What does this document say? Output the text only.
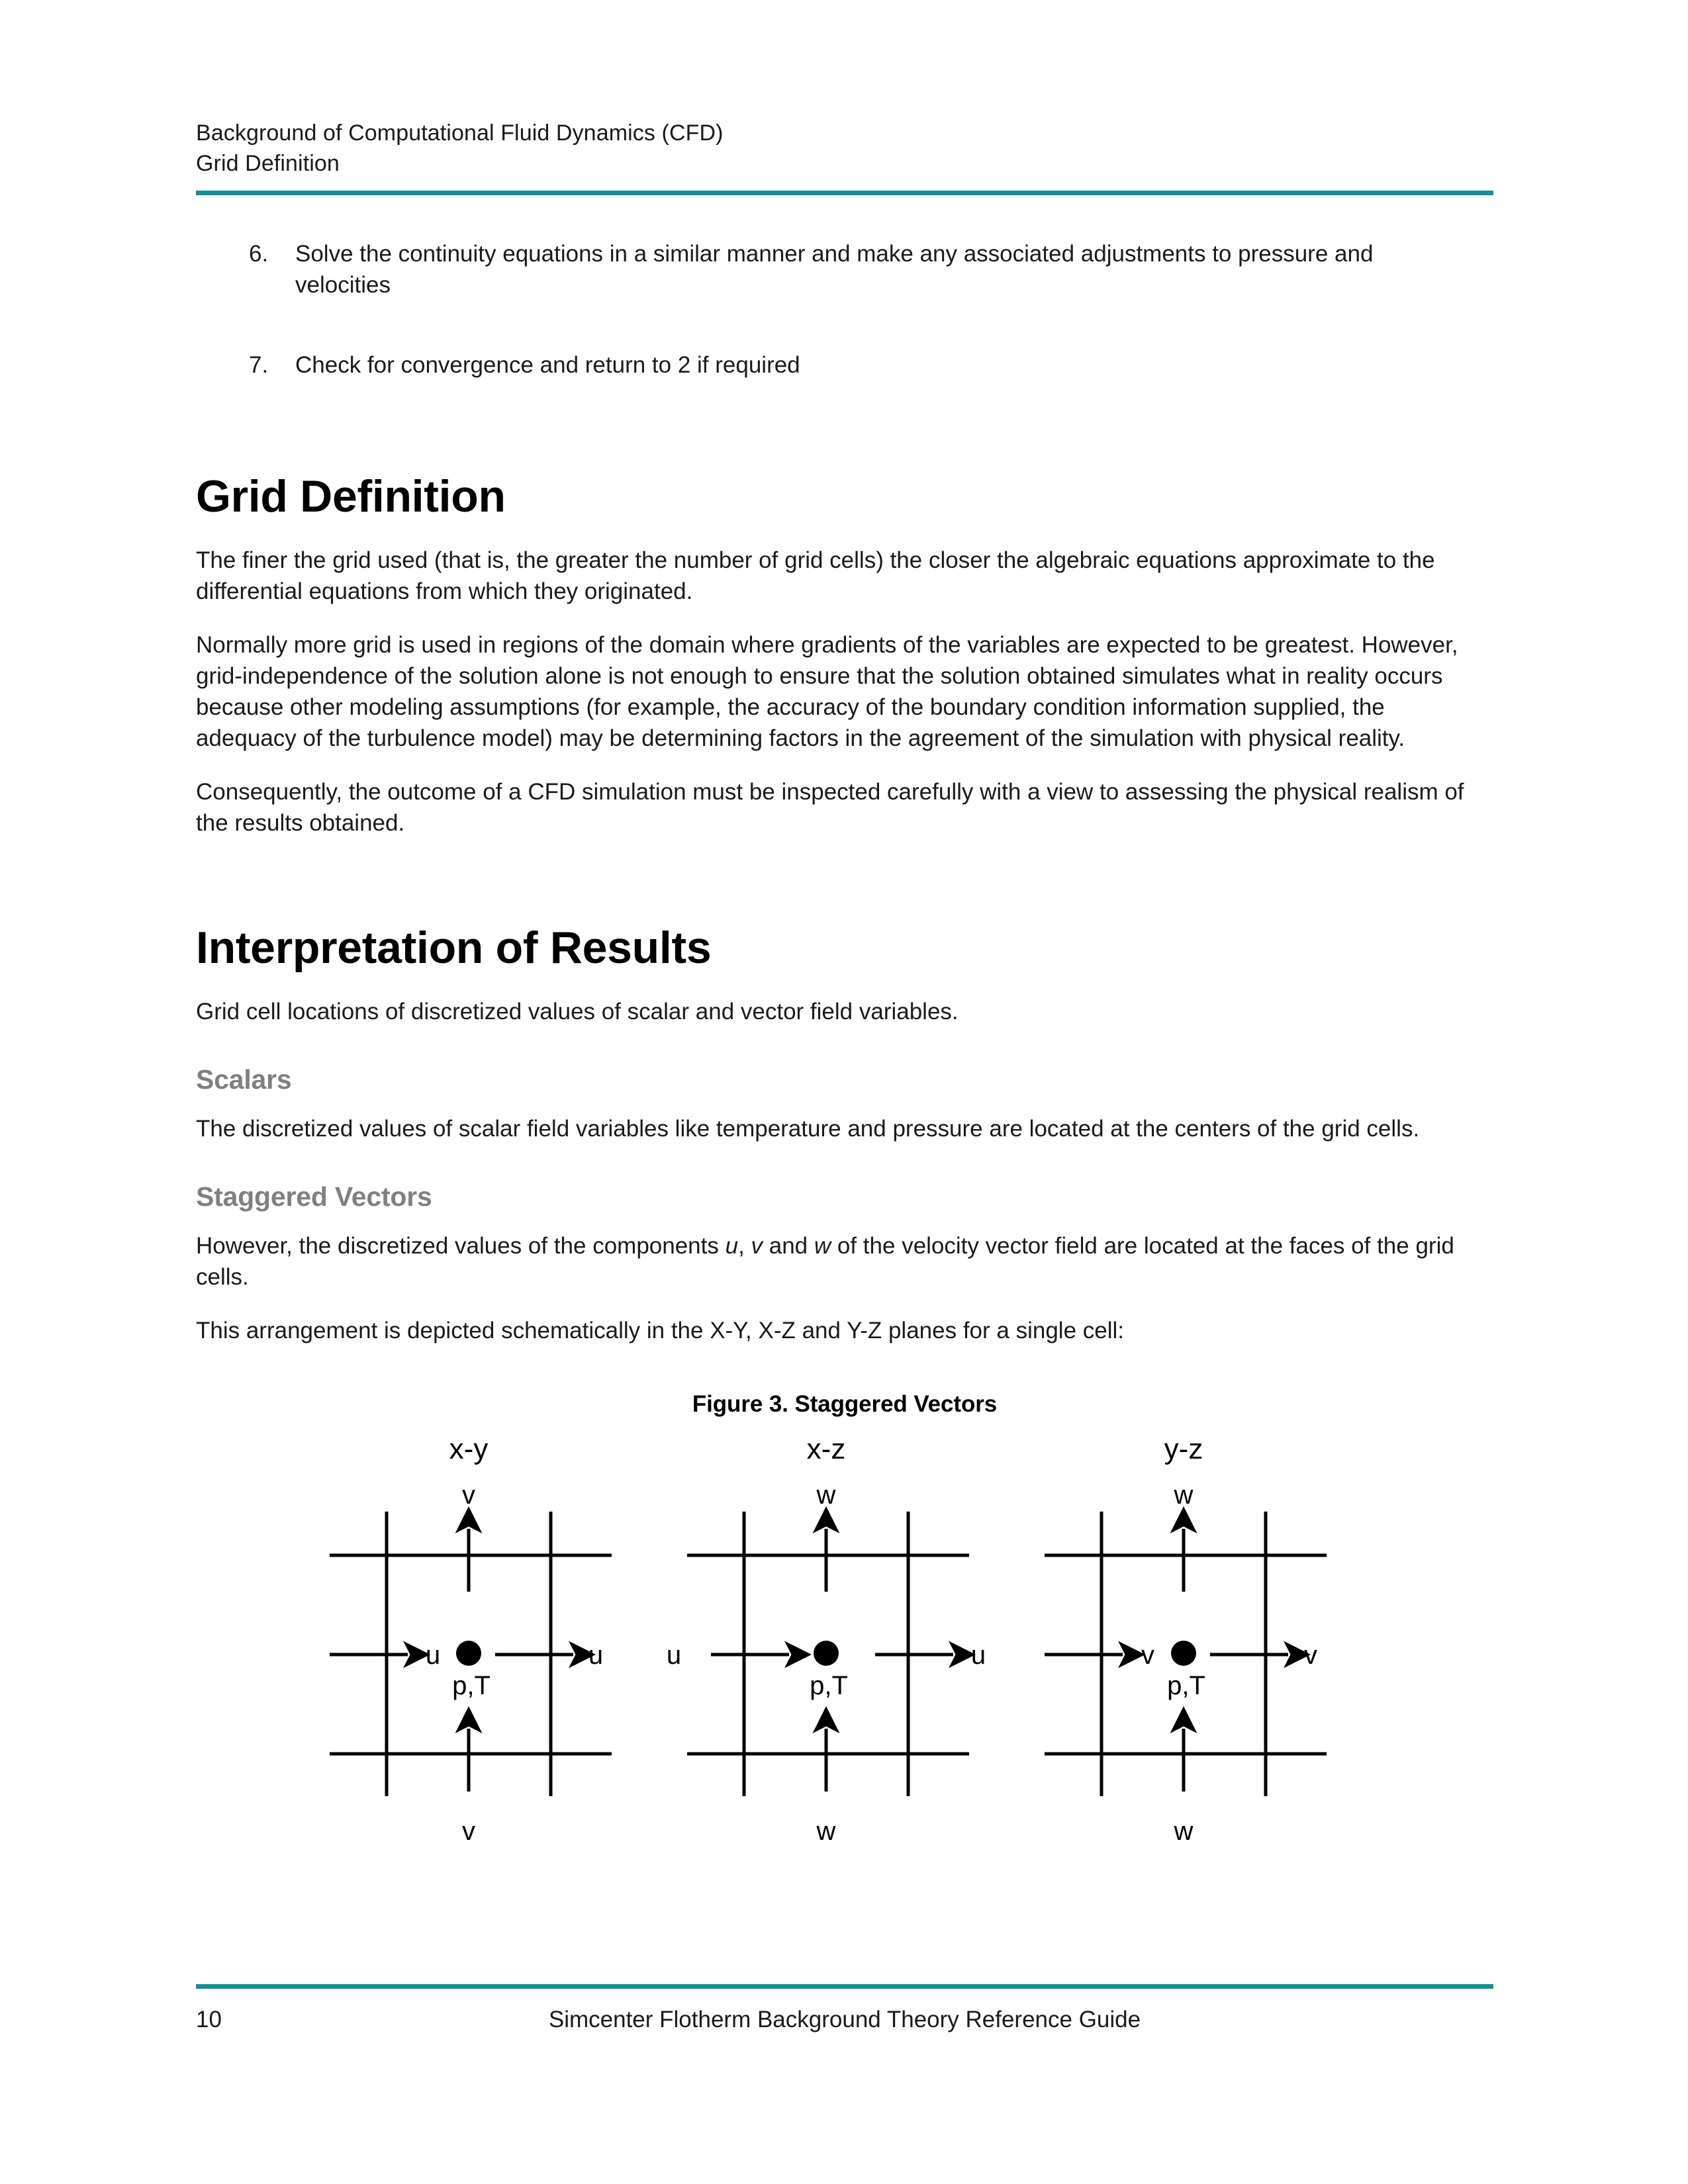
Background of Computational Fluid Dynamics (CFD)
Grid Definition
6.	Solve the continuity equations in a similar manner and make any associated adjustments to pressure and velocities
7.	Check for convergence and return to 2 if required
Grid Definition

The finer the grid used (that is, the greater the number of grid cells) the closer the algebraic equations approximate to the differential equations from which they originated.

Normally more grid is used in regions of the domain where gradients of the variables are expected to be greatest. However, grid-independence of the solution alone is not enough to ensure that the solution obtained simulates what in reality occurs because other modeling assumptions (for example, the accuracy of the boundary condition information supplied, the adequacy of the turbulence model) may be determining factors in the agreement of the simulation with physical reality.

Consequently, the outcome of a CFD simulation must be inspected carefully with a view to assessing the physical realism of the results obtained.

Interpretation of Results

Grid cell locations of discretized values of scalar and vector field variables.

Scalars

The discretized values of scalar field variables like temperature and pressure are located at the centers of the grid cells.

Staggered Vectors

However, the discretized values of the components u, v and w of the velocity vector field are located at the faces of the grid cells.

This arrangement is depicted schematically in the X-Y, X-Z and Y-Z planes for a single cell:

Figure 3. Staggered Vectors
x-y
v
u	u
p,T
v
x-z
w
u	u
p,T
w
y-z
w
v	v
p,T
w
10	Simcenter Flotherm Background Theory Reference Guide
